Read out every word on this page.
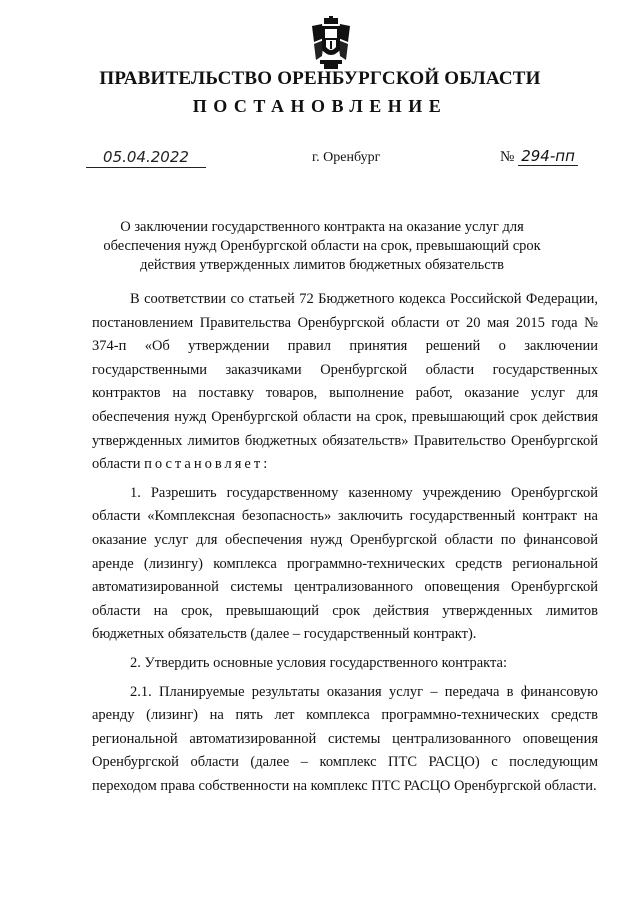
ПРАВИТЕЛЬСТВО ОРЕНБУРГСКОЙ ОБЛАСТИ
ПОСТАНОВЛЕНИЕ
05.04.2022	г. Оренбург	№ 294-пп
О заключении государственного контракта на оказание услуг для обеспечения нужд Оренбургской области на срок, превышающий срок действия утвержденных лимитов бюджетных обязательств

В соответствии со статьей 72 Бюджетного кодекса Российской Федерации, постановлением Правительства Оренбургской области от 20 мая 2015 года № 374-п «Об утверждении правил принятия решений о заключении государственными заказчиками Оренбургской области государственных контрактов на поставку товаров, выполнение работ, оказание услуг для обеспечения нужд Оренбургской области на срок, превышающий срок действия утвержденных лимитов бюджетных обязательств» Правительство Оренбургской области постановляет:

1. Разрешить государственному казенному учреждению Оренбургской области «Комплексная безопасность» заключить государственный контракт на оказание услуг для обеспечения нужд Оренбургской области по финансовой аренде (лизингу) комплекса программно-технических средств региональной автоматизированной системы централизованного оповещения Оренбургской области на срок, превышающий срок действия утвержденных лимитов бюджетных обязательств (далее – государственный контракт).

2. Утвердить основные условия государственного контракта:

2.1. Планируемые результаты оказания услуг – передача в финансовую аренду (лизинг) на пять лет комплекса программно-технических средств региональной автоматизированной системы централизованного оповещения Оренбургской области (далее – комплекс ПТС РАСЦО) с последующим переходом права собственности на комплекс ПТС РАСЦО Оренбургской области.
